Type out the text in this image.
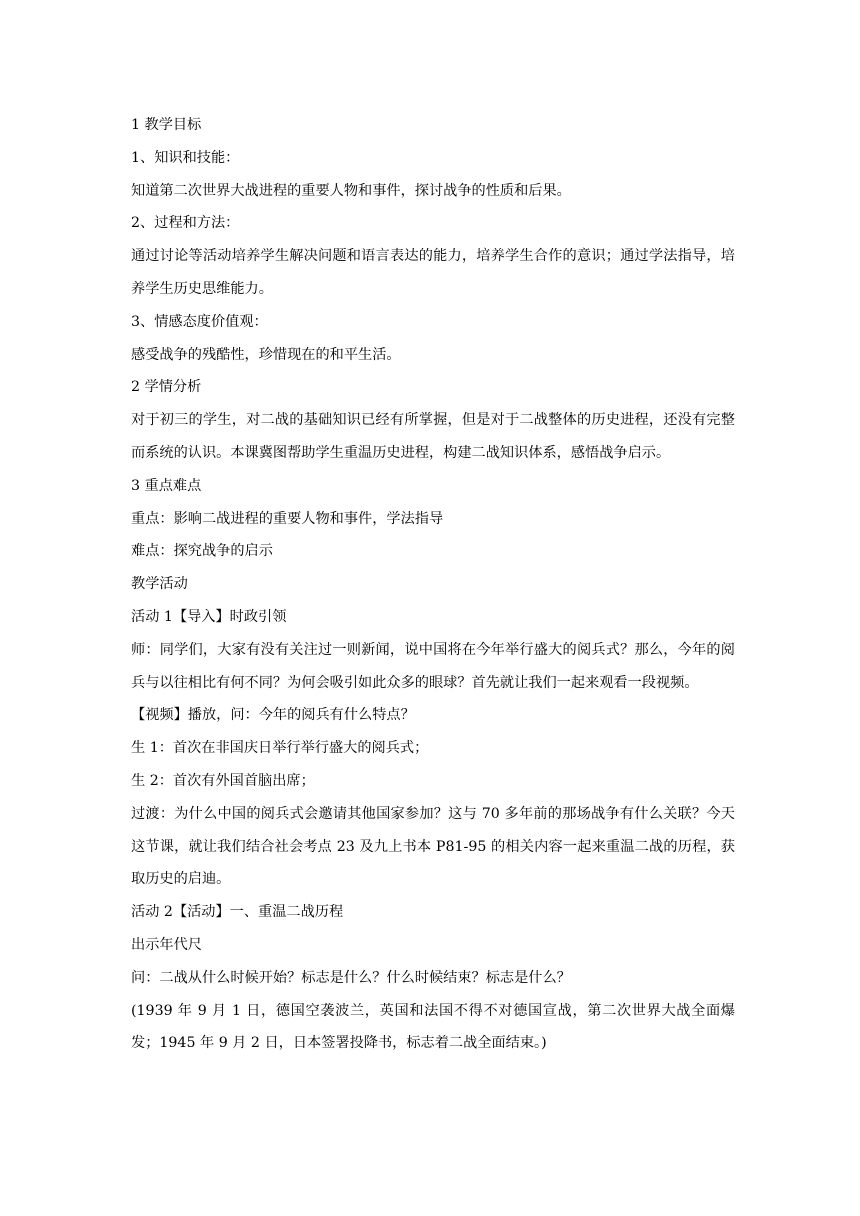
1 教学目标

1、知识和技能：

知道第二次世界大战进程的重要人物和事件，探讨战争的性质和后果。

2、过程和方法：

通过讨论等活动培养学生解决问题和语言表达的能力，培养学生合作的意识；通过学法指导，培养学生历史思维能力。

3、情感态度价值观：

感受战争的残酷性，珍惜现在的和平生活。

2 学情分析

对于初三的学生，对二战的基础知识已经有所掌握，但是对于二战整体的历史进程，还没有完整而系统的认识。本课冀图帮助学生重温历史进程，构建二战知识体系，感悟战争启示。

3 重点难点

重点：影响二战进程的重要人物和事件，学法指导

难点：探究战争的启示

教学活动

活动 1【导入】时政引领

师：同学们，大家有没有关注过一则新闻，说中国将在今年举行盛大的阅兵式？那么，今年的阅兵与以往相比有何不同？为何会吸引如此众多的眼球？首先就让我们一起来观看一段视频。

【视频】播放，问：今年的阅兵有什么特点？

生 1：首次在非国庆日举行举行盛大的阅兵式；

生 2：首次有外国首脑出席；

过渡：为什么中国的阅兵式会邀请其他国家参加？这与 70 多年前的那场战争有什么关联？今天这节课，就让我们结合社会考点 23 及九上书本 P81-95 的相关内容一起来重温二战的历程，获取历史的启迪。

活动 2【活动】一、重温二战历程

出示年代尺

问：二战从什么时候开始？标志是什么？什么时候结束？标志是什么？

(1939 年 9 月 1 日，德国空袭波兰，英国和法国不得不对德国宣战，第二次世界大战全面爆发；1945 年 9 月 2 日，日本签署投降书，标志着二战全面结束。)
